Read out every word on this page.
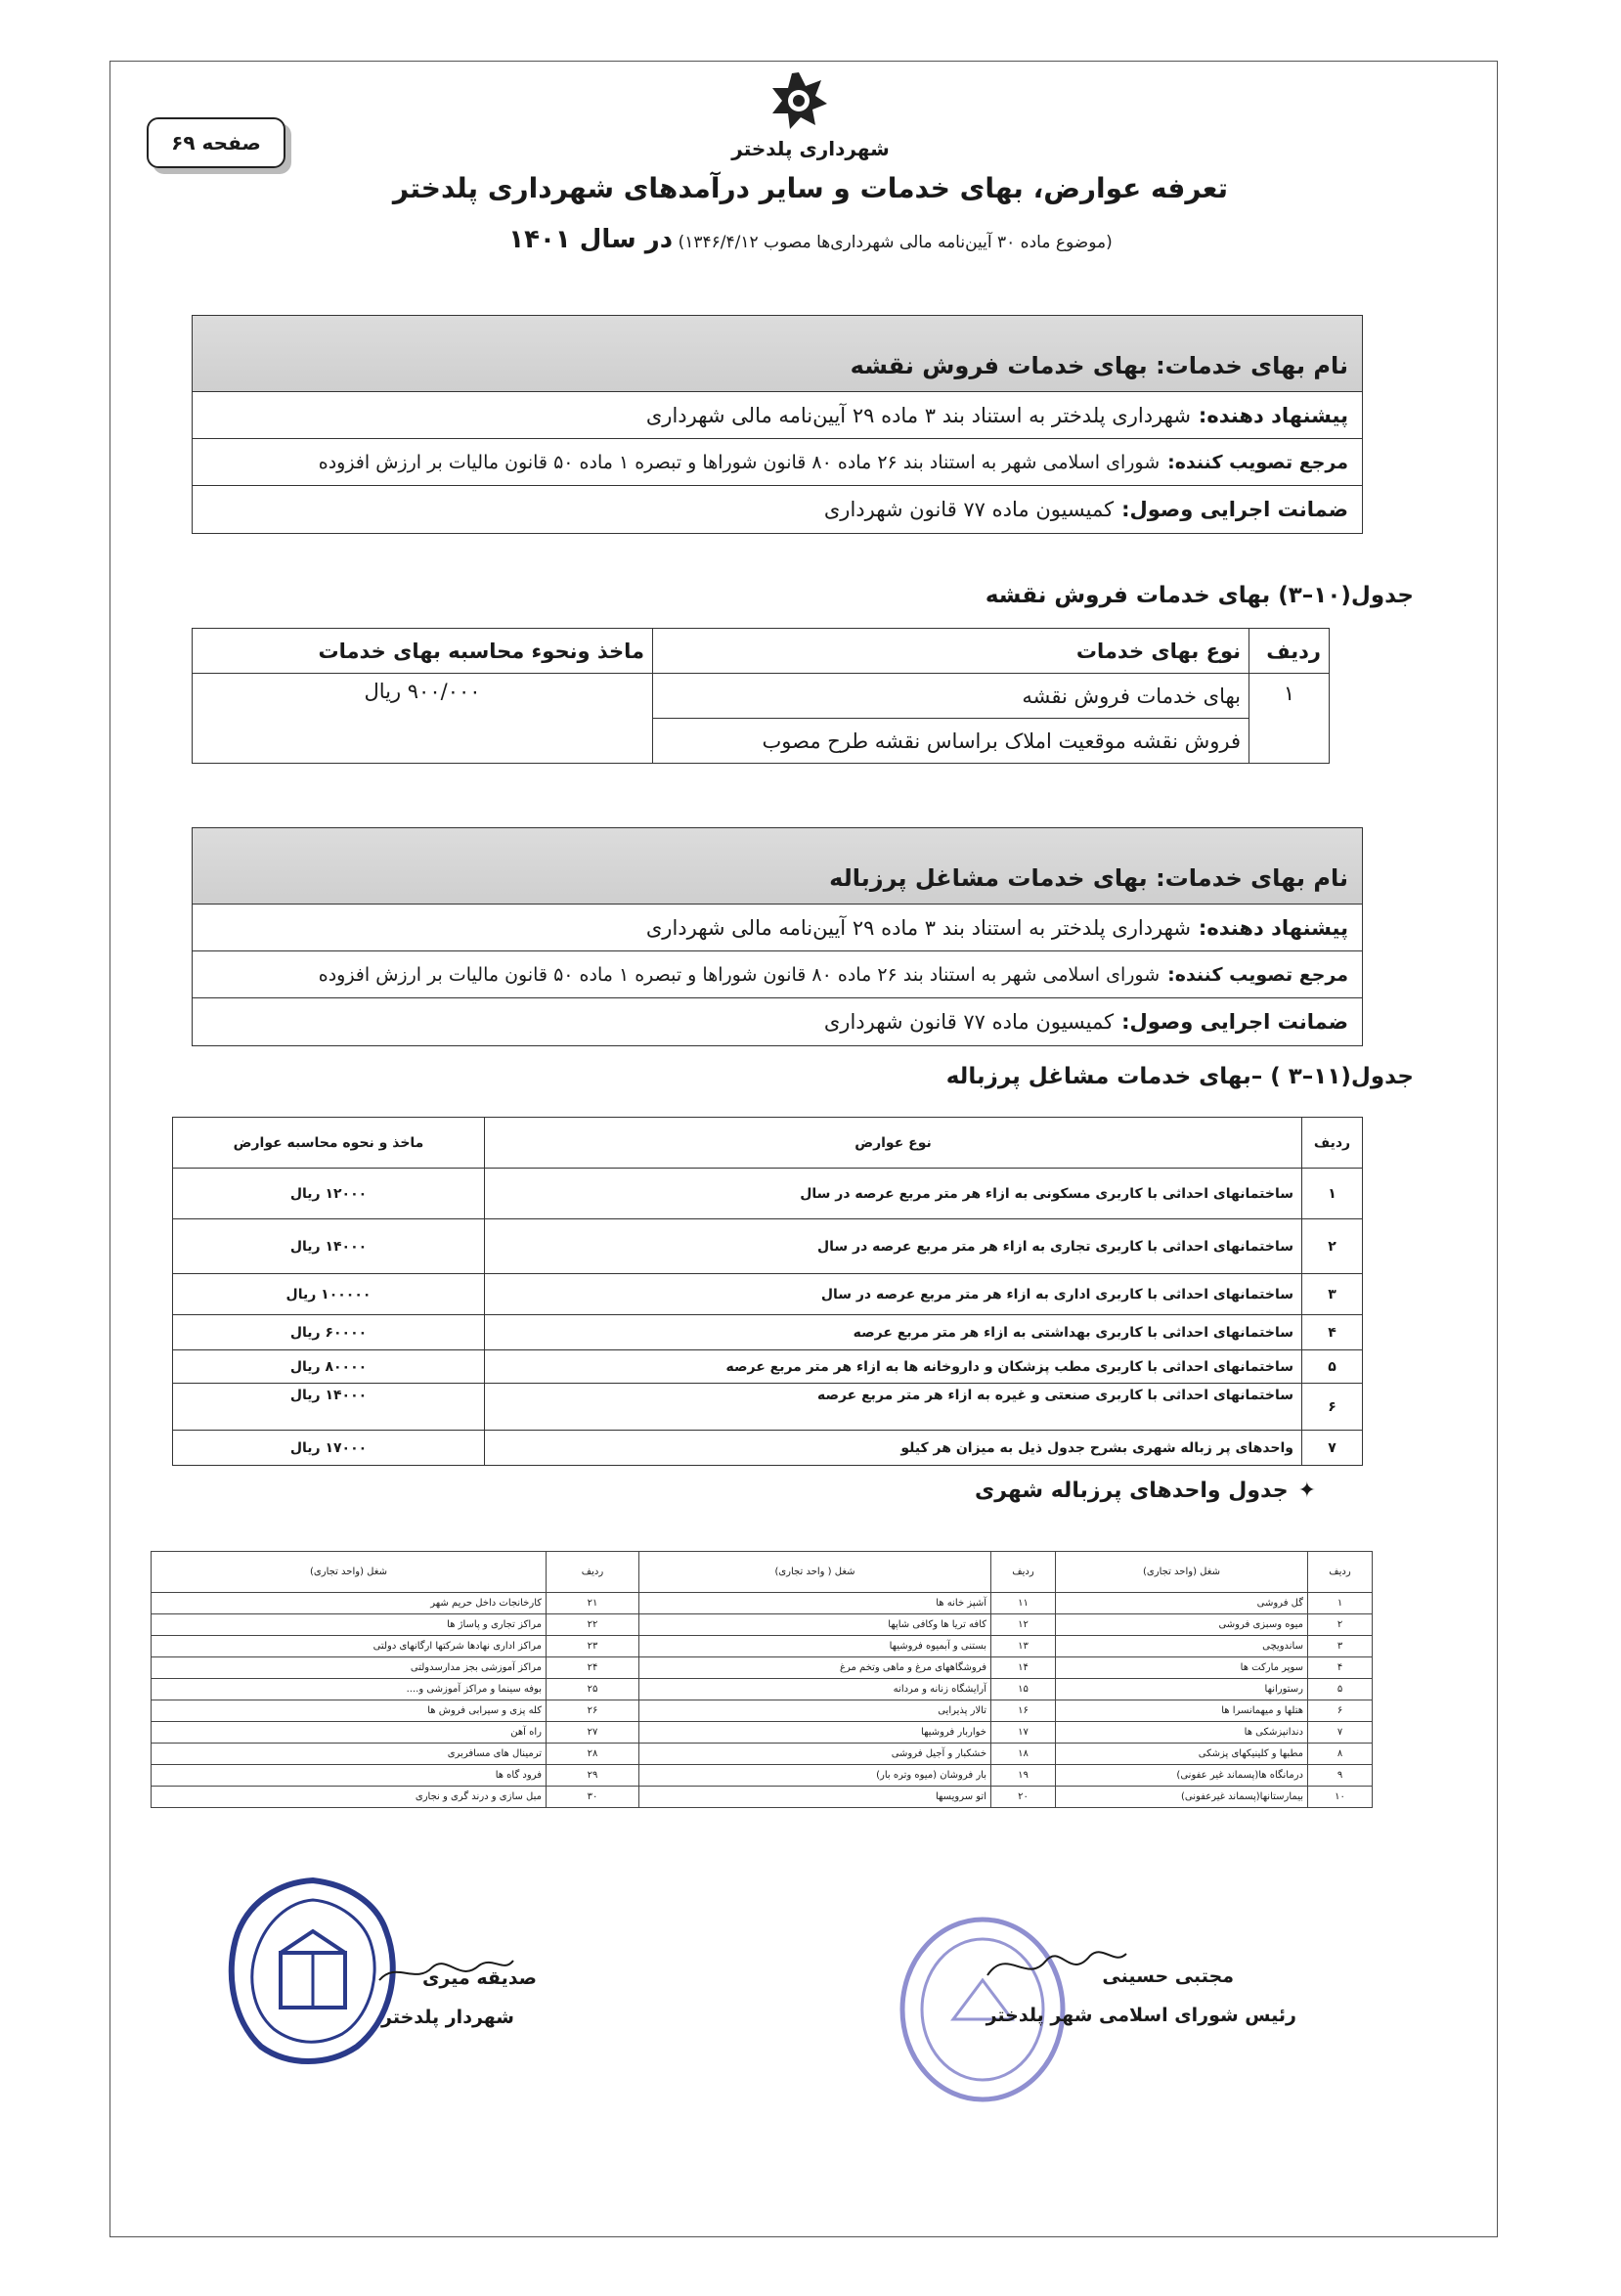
صفحه ۶۹	شهرداری پلدختر
تعرفه عوارض، بهای خدمات و سایر درآمدهای شهرداری پلدختر
(موضوع ماده ۳۰ آیین‌نامه مالی شهرداری‌ها مصوب ۱۳۴۶/۴/۱۲) در سال ۱۴۰۱
نام بهای خدمات:

بهای خدمات فروش نقشه
پیشنهاد دهنده:
شهرداری پلدختر به استناد بند ۳ ماده ۲۹ آیین‌نامه مالی شهرداری
مرجع تصویب کننده:
شورای اسلامی شهر به استناد بند ۲۶ ماده ۸۰ قانون شوراها و تبصره ۱ ماده ۵۰ قانون مالیات بر ارزش افزوده
ضمانت اجرایی وصول:
کمیسیون ماده ۷۷ قانون شهرداری
جدول(۱۰–۳) بهای خدمات فروش نقشه
ردیف	نوع بهای خدمات	ماخذ ونحوء محاسبه بهای خدمات
۱	بهای خدمات فروش نقشه	۹۰۰/۰۰۰ ریال
	فروش نقشه موقعیت املاک براساس نقشه طرح مصوب	
نام بهای خدمات:

بهای خدمات مشاغل پرزباله
پیشنهاد دهنده:
شهرداری پلدختر به استناد بند ۳ ماده ۲۹ آیین‌نامه مالی شهرداری
مرجع تصویب کننده:
شورای اسلامی شهر به استناد بند ۲۶ ماده ۸۰ قانون شوراها و تبصره ۱ ماده ۵۰ قانون مالیات بر ارزش افزوده
ضمانت اجرایی وصول:
کمیسیون ماده ۷۷ قانون شهرداری
جدول(۱۱–۳ ) –بهای خدمات مشاغل پرزباله
ردیف	نوع عوارض	ماخذ و نحوه محاسبه عوارض
۱	ساختمانهای احداثی با کاربری مسکونی به ازاء هر متر مربع عرصه در سال	۱۲۰۰۰ ریال
۲	ساختمانهای احداثی با کاربری تجاری به ازاء هر متر مربع عرصه در سال	۱۴۰۰۰ ریال
۳	ساختمانهای احداثی با کاربری اداری به ازاء هر متر مربع عرصه در سال	۱۰۰۰۰۰ ریال
۴	ساختمانهای احداثی با کاربری بهداشتی به ازاء هر متر مربع عرصه	۶۰۰۰۰ ریال
۵	ساختمانهای احداثی با کاربری مطب پزشکان و داروخانه ها به ازاء هر متر مربع عرصه	۸۰۰۰۰ ریال
۶	ساختمانهای احداثی با کاربری صنعتی و غیره به ازاء هر متر مربع عرصه	۱۴۰۰۰ ریال
۷	واحدهای پر زباله شهری بشرح جدول ذیل به میزان هر کیلو	۱۷۰۰۰ ریال
✦جدول واحدهای پرزباله شهری
ردیف	شغل (واحد تجاری)	ردیف	شغل ( واحد تجاری)	ردیف	شغل (واحد تجاری)
۱	گل فروشی	۱۱	آشپز خانه ها	۲۱	کارخانجات داخل حریم شهر
۲	میوه وسبزی فروشی	۱۲	کافه تریا ها وکافی شاپها	۲۲	مراکز تجاری و پاساژ ها
۳	ساندویچی	۱۳	بستنی و آبمیوه فروشیها	۲۳	مراکز اداری نهادها شرکتها ارگانهای دولتی
۴	سوپر مارکت ها	۱۴	فروشگاههای مرغ و ماهی وتخم مرغ	۲۴	مراکز آموزشی بجز مدارسدولتی
۵	رستورانها	۱۵	آرایشگاه زنانه و مردانه	۲۵	بوفه سینما و مراکز آموزشی و....
۶	هتلها و میهمانسرا ها	۱۶	تالار پذیرایی	۲۶	کله پزی و سیرابی فروش ها
۷	دندانپزشکی ها	۱۷	خواربار فروشیها	۲۷	راه آهن
۸	مطبها و کلینیکهای پزشکی	۱۸	خشکبار و آجیل فروشی	۲۸	ترمینال های مسافربری
۹	درمانگاه ها(پسماند غیر عفونی)	۱۹	بار فروشان (میوه وتره بار)	۲۹	فرود گاه ها
۱۰	بیمارستانها(پسماند غیرعفونی)	۲۰	اتو سرویسها	۳۰	مبل سازی و درند گری و نجاری
مجتبی حسینی
رئیس شورای اسلامی شهر پلدختر
صدیقه میری
شهردار پلدختر
